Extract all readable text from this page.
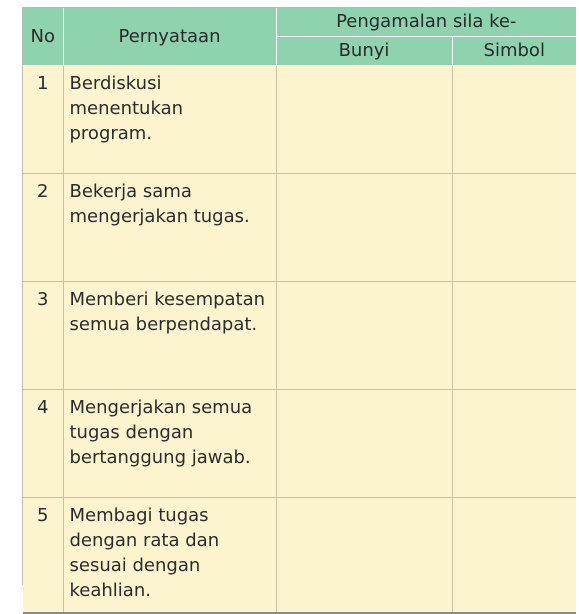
No	Pernyataan	Pengamalan sila ke-	
		Bunyi	Simbol
1	Berdiskusi
menentukan
program.		
2	Bekerja sama
mengerjakan tugas.		
3	Memberi kesempatan
semua berpendapat.		
4	Mengerjakan semua
tugas dengan
bertanggung jawab.		
5	Membagi tugas
dengan rata dan
sesuai dengan
keahlian.		
